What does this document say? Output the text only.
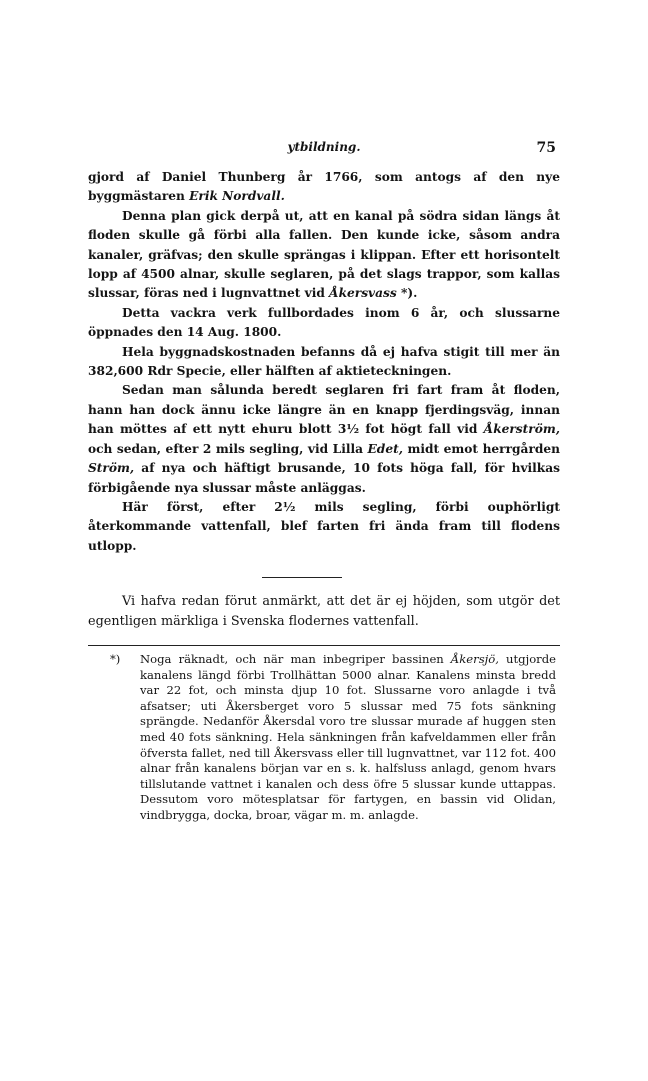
ytbildning.	75

gjord af Daniel Thunberg år 1766, som antogs af den nye byggmästaren Erik Nordvall.

Denna plan gick derpå ut, att en kanal på södra sidan längs åt floden skulle gå förbi alla fallen. Den kunde icke, såsom andra kanaler, gräfvas; den skulle sprängas i klippan. Efter ett horisontelt lopp af 4500 alnar, skulle seglaren, på det slags trappor, som kallas slussar, föras ned i lugnvattnet vid Åkersvass *).

Detta vackra verk fullbordades inom 6 år, och slussarne öppnades den 14 Aug. 1800.

Hela byggnadskostnaden befanns då ej hafva stigit till mer än 382,600 Rdr Specie, eller hälften af aktieteckningen.

Sedan man sålunda beredt seglaren fri fart fram åt floden, hann han dock ännu icke längre än en knapp fjerdingsväg, innan han möttes af ett nytt ehuru blott 3½ fot högt fall vid Åkerström, och sedan, efter 2 mils segling, vid Lilla Edet, midt emot herrgården Ström, af nya och häftigt brusande, 10 fots höga fall, för hvilkas förbigående nya slussar måste anläggas.

Här först, efter 2½ mils segling, förbi ouphörligt återkommande vattenfall, blef farten fri ända fram till flodens utlopp.

Vi hafva redan förut anmärkt, att det är ej höjden, som utgör det egentligen märkliga i Svenska flodernes vattenfall.

*) Noga räknadt, och när man inbegriper bassinen Åkersjö, utgjorde kanalens längd förbi Trollhättan 5000 alnar. Kanalens minsta bredd var 22 fot, och minsta djup 10 fot. Slussarne voro anlagde i två afsatser; uti Åkersberget voro 5 slussar med 75 fots sänkning sprängde. Nedanför Åkersdal voro tre slussar murade af huggen sten med 40 fots sänkning. Hela sänkningen från kafveldammen eller från öfversta fallet, ned till Åkersvass eller till lugnvattnet, var 112 fot. 400 alnar från kanalens början var en s. k. halfsluss anlagd, genom hvars tillslutande vattnet i kanalen och dess öfre 5 slussar kunde uttappas. Dessutom voro mötesplatsar för fartygen, en bassin vid Olidan, vindbrygga, docka, broar, vägar m. m. anlagde.
